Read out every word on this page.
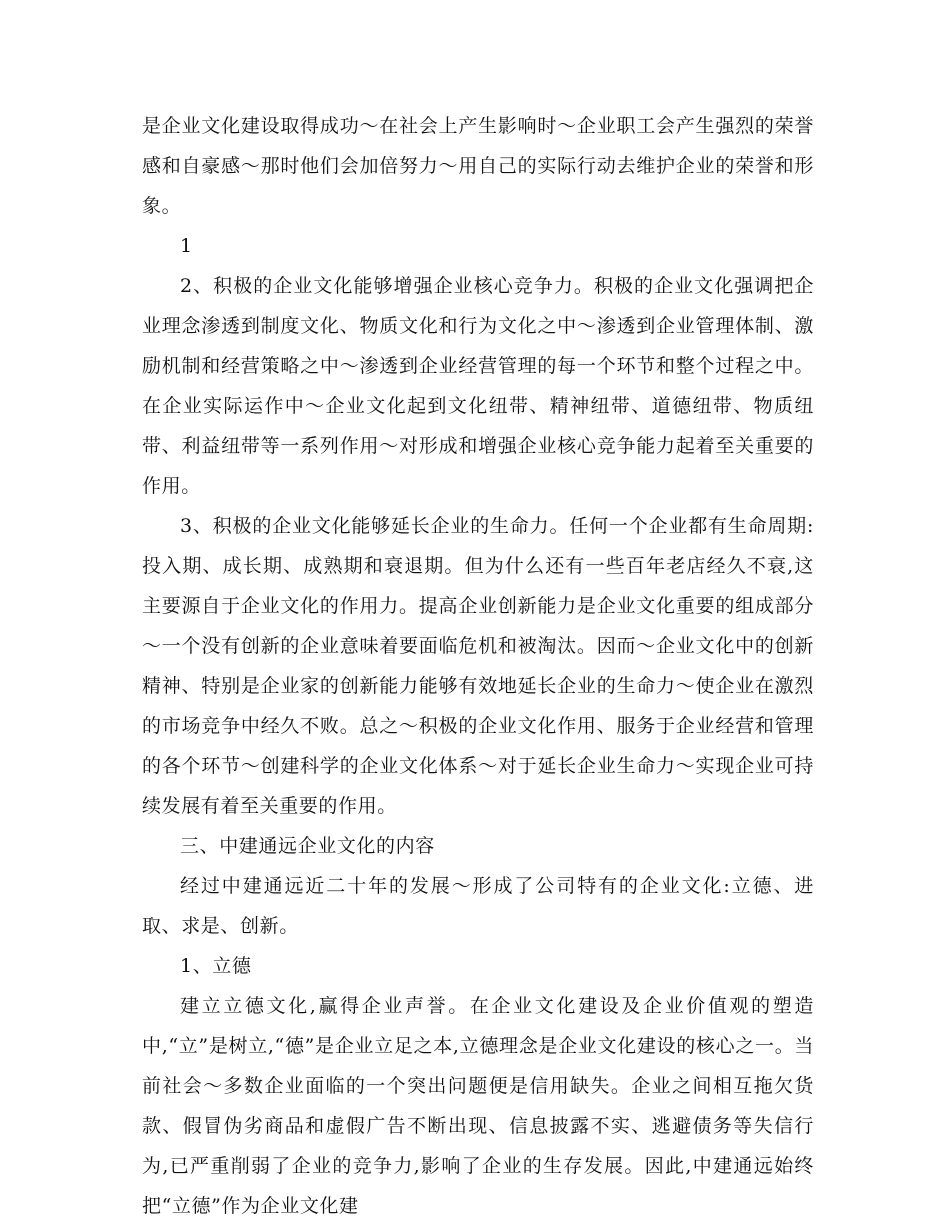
是企业文化建设取得成功～在社会上产生影响时～企业职工会产生强烈的荣誉感和自豪感～那时他们会加倍努力～用自己的实际行动去维护企业的荣誉和形象。

1

2、积极的企业文化能够增强企业核心竞争力。积极的企业文化强调把企业理念渗透到制度文化、物质文化和行为文化之中～渗透到企业管理体制、激励机制和经营策略之中～渗透到企业经营管理的每一个环节和整个过程之中。在企业实际运作中～企业文化起到文化纽带、精神纽带、道德纽带、物质纽带、利益纽带等一系列作用～对形成和增强企业核心竞争能力起着至关重要的作用。

3、积极的企业文化能够延长企业的生命力。任何一个企业都有生命周期:投入期、成长期、成熟期和衰退期。但为什么还有一些百年老店经久不衰,这主要源自于企业文化的作用力。提高企业创新能力是企业文化重要的组成部分～一个没有创新的企业意味着要面临危机和被淘汰。因而～企业文化中的创新精神、特别是企业家的创新能力能够有效地延长企业的生命力～使企业在激烈的市场竞争中经久不败。总之～积极的企业文化作用、服务于企业经营和管理的各个环节～创建科学的企业文化体系～对于延长企业生命力～实现企业可持续发展有着至关重要的作用。

三、中建通远企业文化的内容

经过中建通远近二十年的发展～形成了公司特有的企业文化:立德、进取、求是、创新。

1、立德

建立立德文化,赢得企业声誉。在企业文化建设及企业价值观的塑造中,“立”是树立,“德”是企业立足之本,立德理念是企业文化建设的核心之一。当前社会～多数企业面临的一个突出问题便是信用缺失。企业之间相互拖欠货款、假冒伪劣商品和虚假广告不断出现、信息披露不实、逃避债务等失信行为,已严重削弱了企业的竞争力,影响了企业的生存发展。因此,中建通远始终把“立德”作为企业文化建
